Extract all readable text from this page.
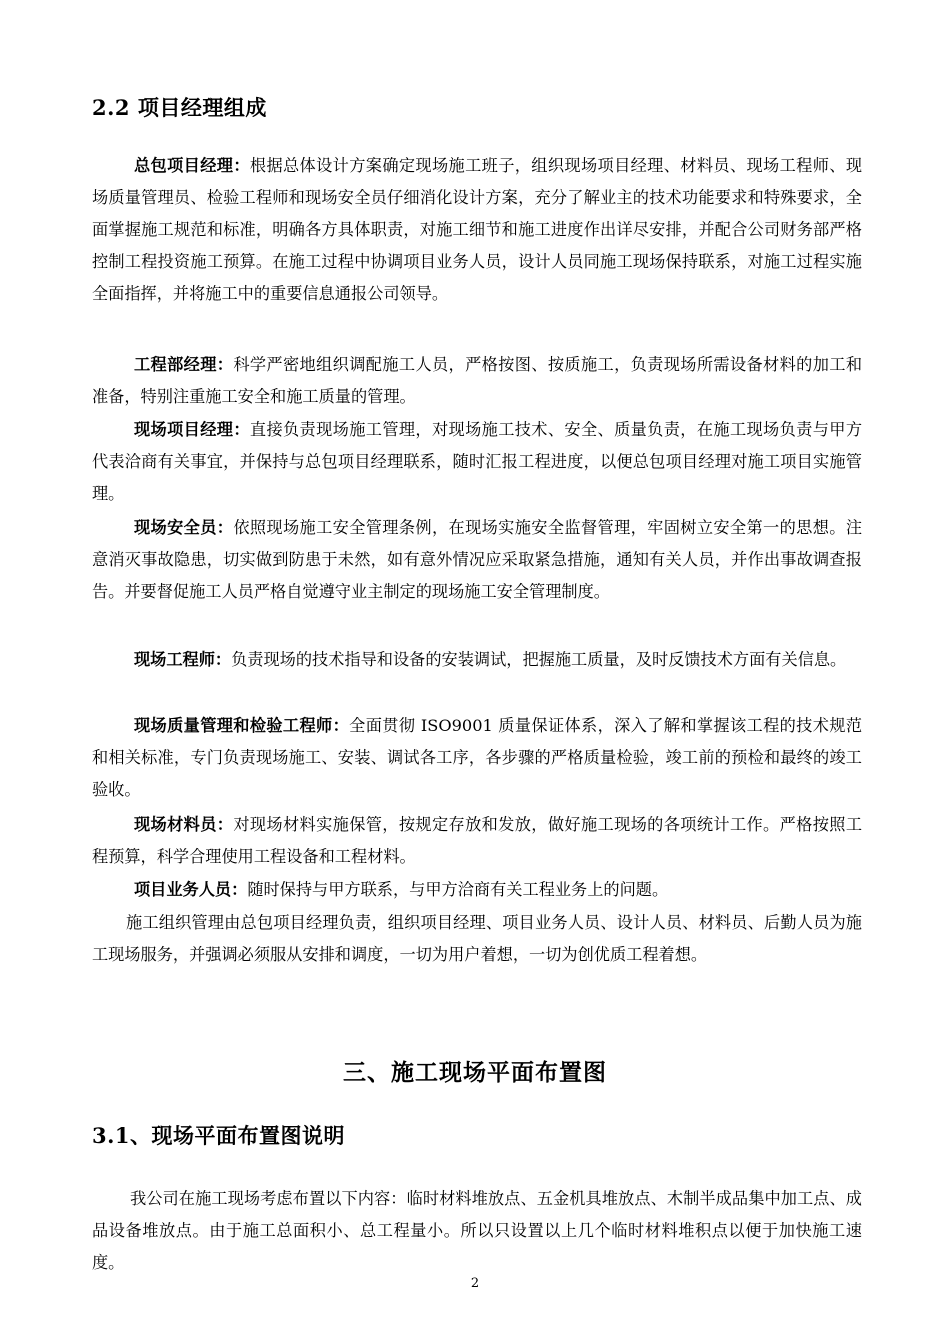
2.2 项目经理组成
总包项目经理：根据总体设计方案确定现场施工班子，组织现场项目经理、材料员、现场工程师、现场质量管理员、检验工程师和现场安全员仔细消化设计方案，充分了解业主的技术功能要求和特殊要求，全面掌握施工规范和标准，明确各方具体职责，对施工细节和施工进度作出详尽安排，并配合公司财务部严格控制工程投资施工预算。在施工过程中协调项目业务人员，设计人员同施工现场保持联系，对施工过程实施全面指挥，并将施工中的重要信息通报公司领导。
工程部经理：科学严密地组织调配施工人员，严格按图、按质施工，负责现场所需设备材料的加工和准备，特别注重施工安全和施工质量的管理。
现场项目经理：直接负责现场施工管理，对现场施工技术、安全、质量负责，在施工现场负责与甲方代表洽商有关事宜，并保持与总包项目经理联系，随时汇报工程进度，以便总包项目经理对施工项目实施管理。
现场安全员：依照现场施工安全管理条例，在现场实施安全监督管理，牢固树立安全第一的思想。注意消灭事故隐患，切实做到防患于未然，如有意外情况应采取紧急措施，通知有关人员，并作出事故调查报告。并要督促施工人员严格自觉遵守业主制定的现场施工安全管理制度。
现场工程师：负责现场的技术指导和设备的安装调试，把握施工质量，及时反馈技术方面有关信息。
现场质量管理和检验工程师：全面贯彻 ISO9001 质量保证体系，深入了解和掌握该工程的技术规范和相关标准，专门负责现场施工、安装、调试各工序，各步骤的严格质量检验，竣工前的预检和最终的竣工验收。
现场材料员：对现场材料实施保管，按规定存放和发放，做好施工现场的各项统计工作。严格按照工程预算，科学合理使用工程设备和工程材料。
项目业务人员：随时保持与甲方联系，与甲方洽商有关工程业务上的问题。
施工组织管理由总包项目经理负责，组织项目经理、项目业务人员、设计人员、材料员、后勤人员为施工现场服务，并强调必须服从安排和调度，一切为用户着想，一切为创优质工程着想。
三、施工现场平面布置图
3.1、现场平面布置图说明
我公司在施工现场考虑布置以下内容：临时材料堆放点、五金机具堆放点、木制半成品集中加工点、成品设备堆放点。由于施工总面积小、总工程量小。所以只设置以上几个临时材料堆积点以便于加快施工速度。
2
